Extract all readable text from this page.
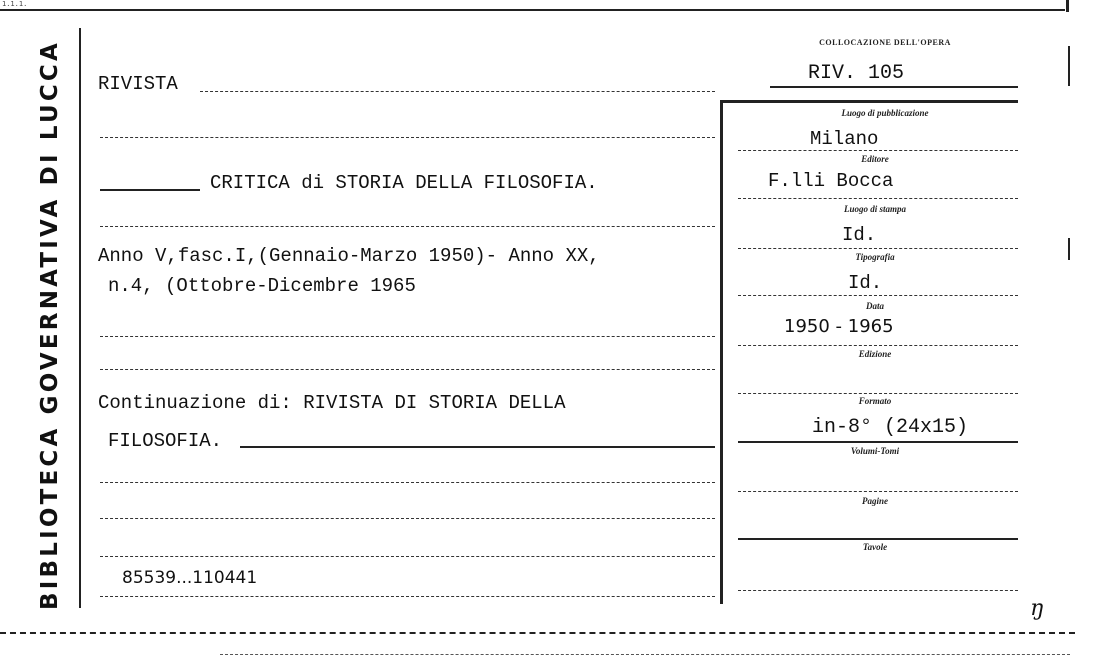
1.1.1.
BIBLIOTECA GOVERNATIVA DI LUCCA RIVISTA
CRITICA di STORIA DELLA FILOSOFIA.
Anno V,fasc.I,(Gennaio-Marzo 1950)- Anno XX,
n.4, (Ottobre-Dicembre 1965
Continuazione di: RIVISTA DI STORIA DELLA
FILOSOFIA.
85539...110441
COLLOCAZIONE DELL'OPERA
RIV. 105
Luogo di pubblicazione
Milano
Editore
F.lli Bocca
Luogo di stampa
Id.
Tipografia
Id.
Data
1950 - 1965
Edizione
Formato
in-8° (24x15)
Volumi-Tomi
Pagine
Tavole
ŋ
